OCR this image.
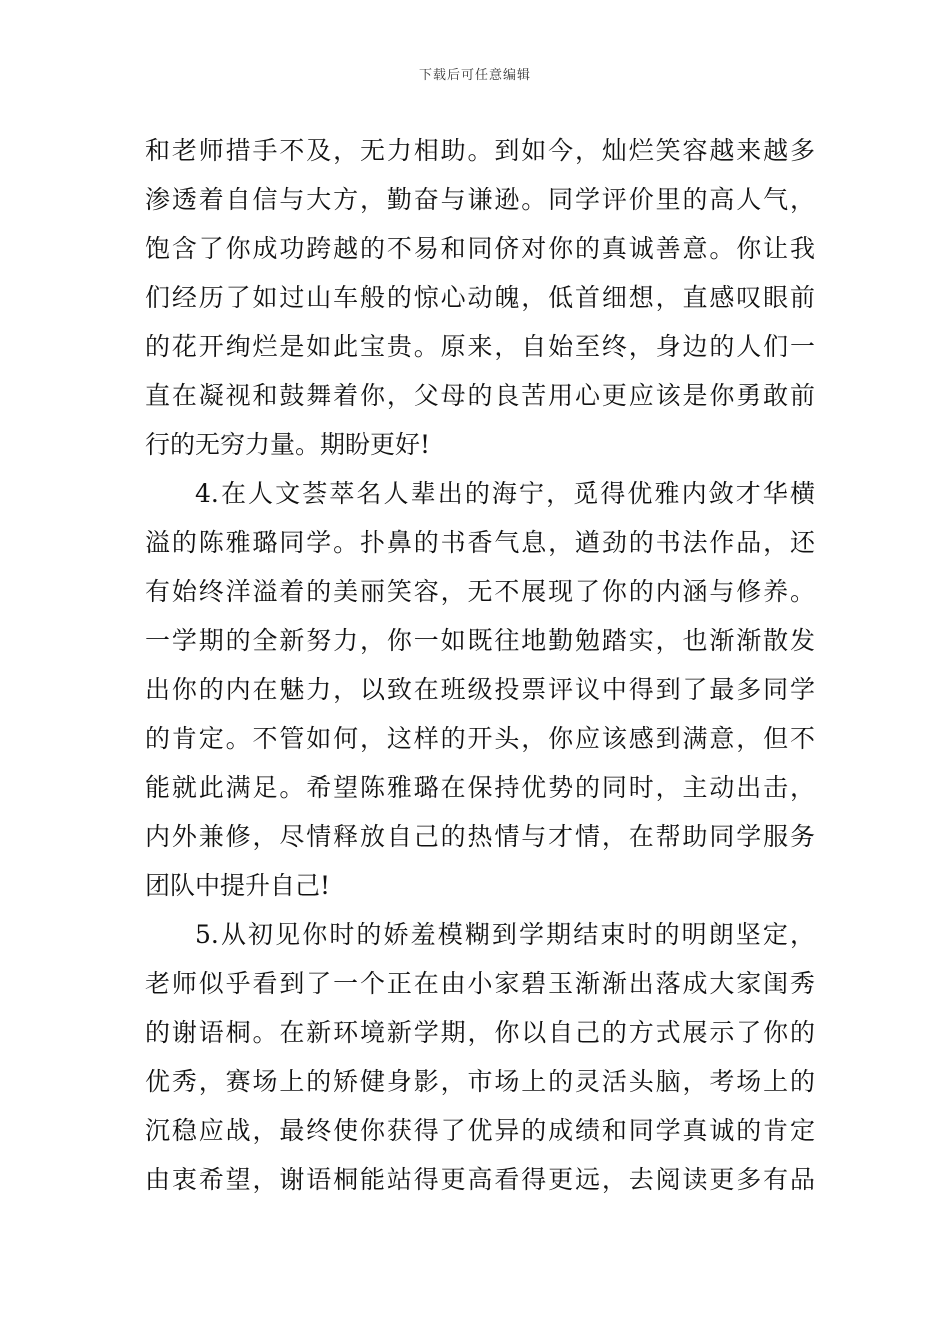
下载后可任意编辑
和老师措手不及，无力相助。到如今，灿烂笑容越来越多
渗透着自信与大方，勤奋与谦逊。同学评价里的高人气，
饱含了你成功跨越的不易和同侪对你的真诚善意。你让我
们经历了如过山车般的惊心动魄，低首细想，直感叹眼前
的花开绚烂是如此宝贵。原来，自始至终，身边的人们一
直在凝视和鼓舞着你，父母的良苦用心更应该是你勇敢前
行的无穷力量。期盼更好!
4.在人文荟萃名人辈出的海宁，觅得优雅内敛才华横
溢的陈雅璐同学。扑鼻的书香气息，遒劲的书法作品，还
有始终洋溢着的美丽笑容，无不展现了你的内涵与修养。
一学期的全新努力，你一如既往地勤勉踏实，也渐渐散发
出你的内在魅力，以致在班级投票评议中得到了最多同学
的肯定。不管如何，这样的开头，你应该感到满意，但不
能就此满足。希望陈雅璐在保持优势的同时，主动出击，
内外兼修，尽情释放自己的热情与才情，在帮助同学服务
团队中提升自己!
5.从初见你时的娇羞模糊到学期结束时的明朗坚定，
老师似乎看到了一个正在由小家碧玉渐渐出落成大家闺秀
的谢语桐。在新环境新学期，你以自己的方式展示了你的
优秀，赛场上的矫健身影，市场上的灵活头脑，考场上的
沉稳应战，最终使你获得了优异的成绩和同学真诚的肯定
由衷希望，谢语桐能站得更高看得更远，去阅读更多有品
